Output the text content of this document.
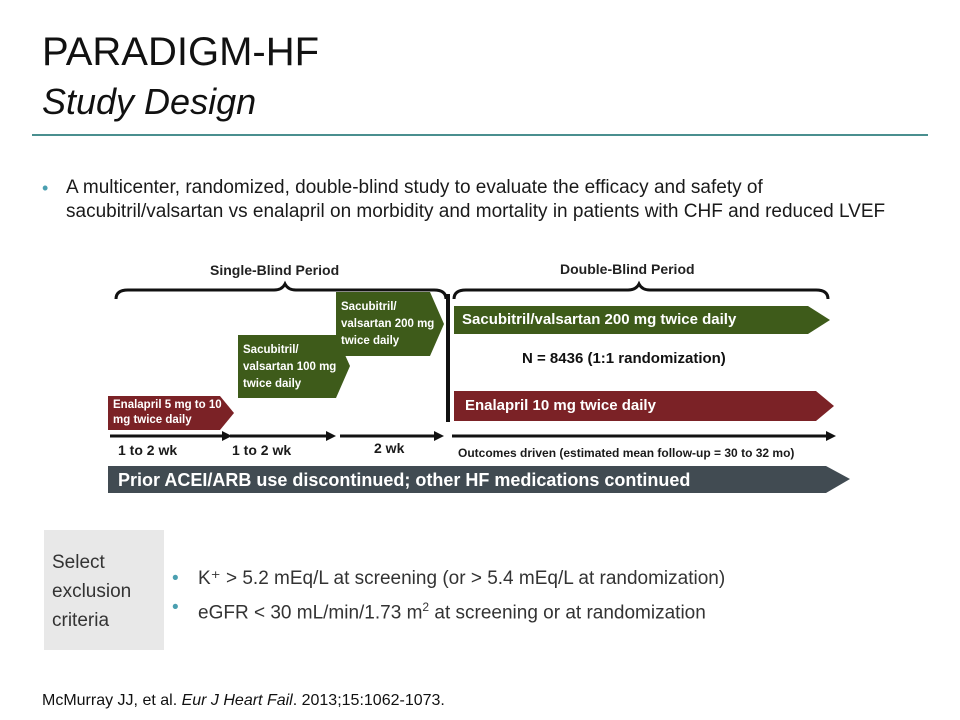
PARADIGM-HF
Study Design
• A multicenter, randomized, double-blind study to evaluate the efficacy and safety of sacubitril/valsartan vs enalapril on morbidity and mortality in patients with CHF and reduced LVEF
Single-Blind Period	Double-Blind Period
Enalapril 5 mg to 10 mg twice daily
Sacubitril/ valsartan 100 mg twice daily
Sacubitril/ valsartan 200 mg twice daily
Sacubitril/valsartan 200 mg twice daily
Enalapril 10 mg twice daily
N = 8436 (1:1 randomization)
1 to 2 wk	1 to 2 wk	2 wk	Outcomes driven (estimated mean follow-up = 30 to 32 mo)
Prior ACEI/ARB use discontinued; other HF medications continued
Select exclusion criteria
• K⁺ > 5.2 mEq/L at screening (or > 5.4 mEq/L at randomization)
• eGFR < 30 mL/min/1.73 $m^2$ at screening or at randomization
McMurray JJ, et al. Eur J Heart Fail. 2013;15:1062-1073.
